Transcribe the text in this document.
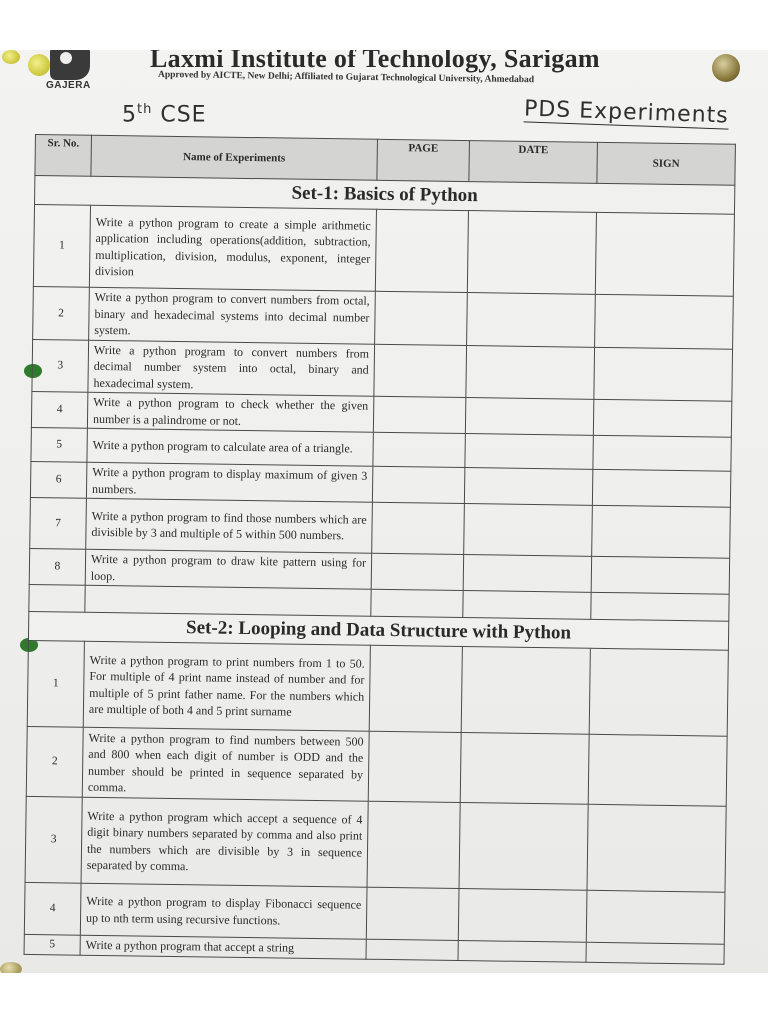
GAJERA
Laxmi Institute of Technology, Sarigam
Approved by AICTE, New Delhi; Affiliated to Gujarat Technological University, Ahmedabad
5th CSE	PDS Experiments
Sr. No.	Name of Experiments	PAGE	DATE	SIGN
Set-1: Basics of Python				
1	Write a python program to create a simple arithmetic application including operations(addition, subtraction, multiplication, division, modulus, exponent, integer division			
2	Write a python program to convert numbers from octal, binary and hexadecimal systems into decimal number system.			
3	Write a python program to convert numbers from decimal number system into octal, binary and hexadecimal system.			
4	Write a python program to check whether the given number is a palindrome or not.			
5	Write a python program to calculate area of a triangle.			
6	Write a python program to display maximum of given 3 numbers.			
7	Write a python program to find those numbers which are divisible by 3 and multiple of 5 within 500 numbers.			
8	Write a python program to draw kite pattern using for loop.			

Set-2: Looping and Data Structure with Python				
1	Write a python program to print numbers from 1 to 50. For multiple of 4 print name instead of number and for multiple of 5 print father name. For the numbers which are multiple of both 4 and 5 print surname			
2	Write a python program to find numbers between 500 and 800 when each digit of number is ODD and the number should be printed in sequence separated by comma.			
3	Write a python program which accept a sequence of 4 digit binary numbers separated by comma and also print the numbers which are divisible by 3 in sequence separated by comma.			
4	Write a python program to display Fibonacci sequence up to nth term using recursive functions.			
5	Write a python program that accept a string			
